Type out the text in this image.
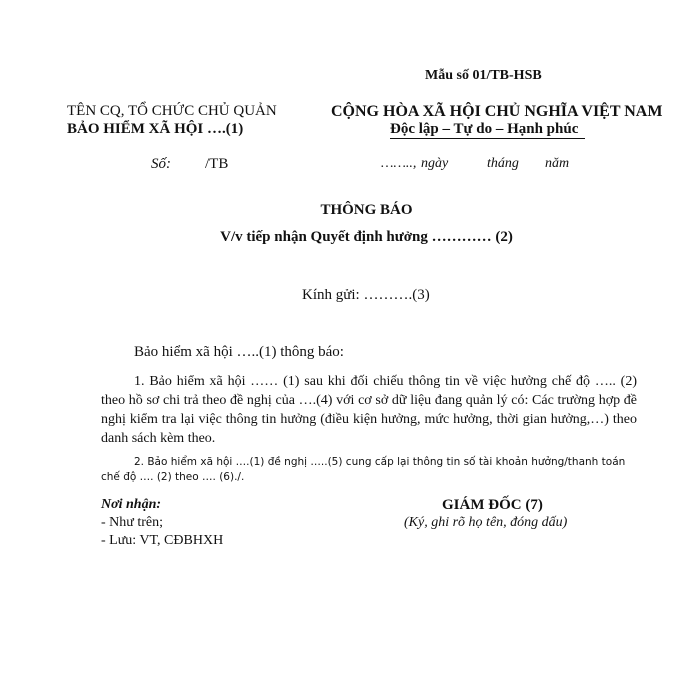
Mẫu số 01/TB-HSB
TÊN CQ, TỔ CHỨC CHỦ QUẢN
BẢO HIỂM XÃ HỘI ….(1)
CỘNG HÒA XÃ HỘI CHỦ NGHĨA VIỆT NAM
Độc lập – Tự do – Hạnh phúc
Số: /TB	…….., ngày	tháng năm
THÔNG BÁO
V/v tiếp nhận Quyết định hưởng ………… (2)
Kính gửi: ……….(3)
Bảo hiểm xã hội …..(1) thông báo:
1. Bảo hiểm xã hội …… (1) sau khi đối chiếu thông tin về việc hưởng chế độ ….. (2) theo hồ sơ chi trả theo đề nghị của ….(4) với cơ sở dữ liệu đang quản lý có: Các trường hợp đề nghị kiểm tra lại việc thông tin hưởng (điều kiện hưởng, mức hưởng, thời gian hưởng,…) theo danh sách kèm theo.
2. Bảo hiểm xã hội ….(1) đề nghị …..(5) cung cấp lại thông tin số tài khoản hưởng/thanh toán chế độ …. (2) theo …. (6)./.
Nơi nhận:
- Như trên;
- Lưu: VT, CĐBHXH
GIÁM ĐỐC (7)
(Ký, ghi rõ họ tên, đóng dấu)
